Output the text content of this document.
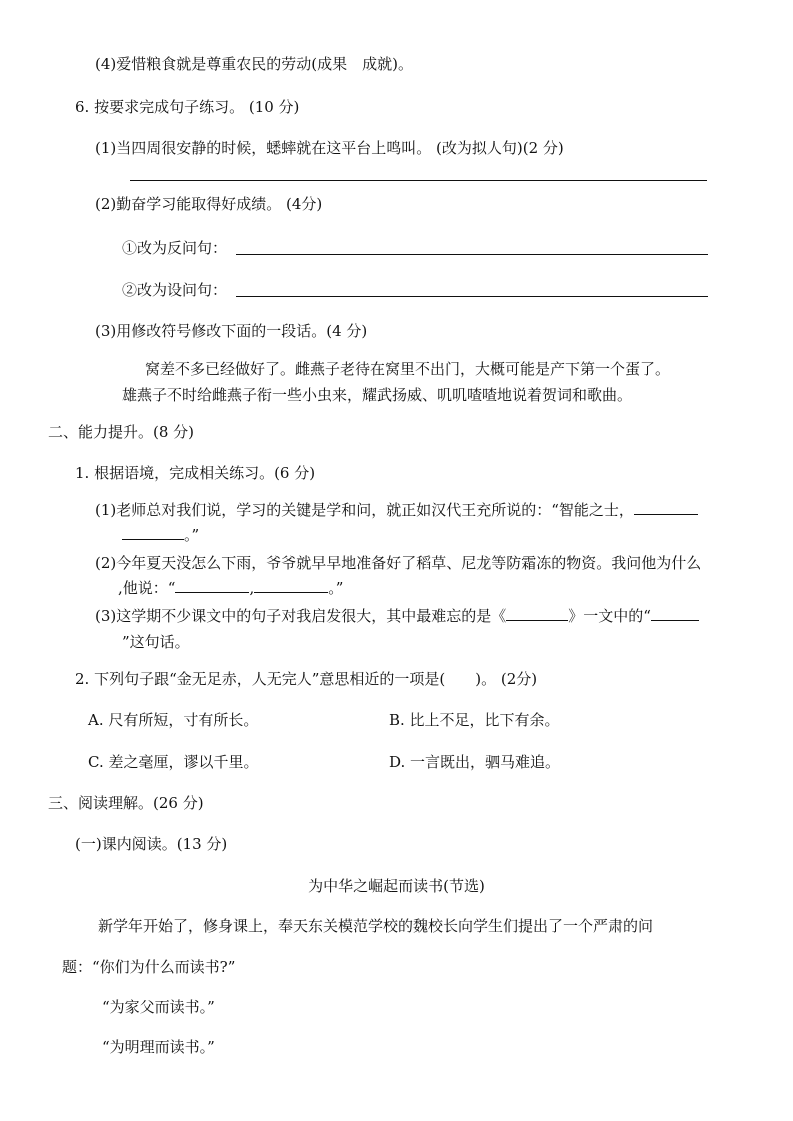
(4)爱惜粮食就是尊重农民的劳动(成果　成就)。
6. 按要求完成句子练习。 (10 分)
(1)当四周很安静的时候，蟋蟀就在这平台上鸣叫。 (改为拟人句)(2 分)
(2)勤奋学习能取得好成绩。 (4分)
①改为反问句：
②改为设问句：
(3)用修改符号修改下面的一段话。(4 分)
窝差不多已经做好了。雌燕子老待在窝里不出门，大概可能是产下第一个蛋了。
雄燕子不时给雌燕子衔一些小虫来，耀武扬威、叽叽喳喳地说着贺词和歌曲。
二、能力提升。(8 分)
1. 根据语境，完成相关练习。(6 分)
(1)老师总对我们说，学习的关键是学和问，就正如汉代王充所说的：“智能之士，
。”
(2)今年夏天没怎么下雨，爷爷就早早地准备好了稻草、尼龙等防霜冻的物资。我问他为什么
,他说：“	,	。”
(3)这学期不少课文中的句子对我启发很大，其中最难忘的是《	》一文中的“
”这句话。
2. 下列句子跟“金无足赤，人无完人”意思相近的一项是(　　)。 (2分)
A. 尺有所短，寸有所长。	B. 比上不足，比下有余。
C. 差之毫厘，谬以千里。	D. 一言既出，驷马难追。
三、阅读理解。(26 分)
(一)课内阅读。(13 分)
为中华之崛起而读书(节选)
新学年开始了，修身课上，奉天东关模范学校的魏校长向学生们提出了一个严肃的问
题：“你们为什么而读书?”
“为家父而读书。”
“为明理而读书。”
